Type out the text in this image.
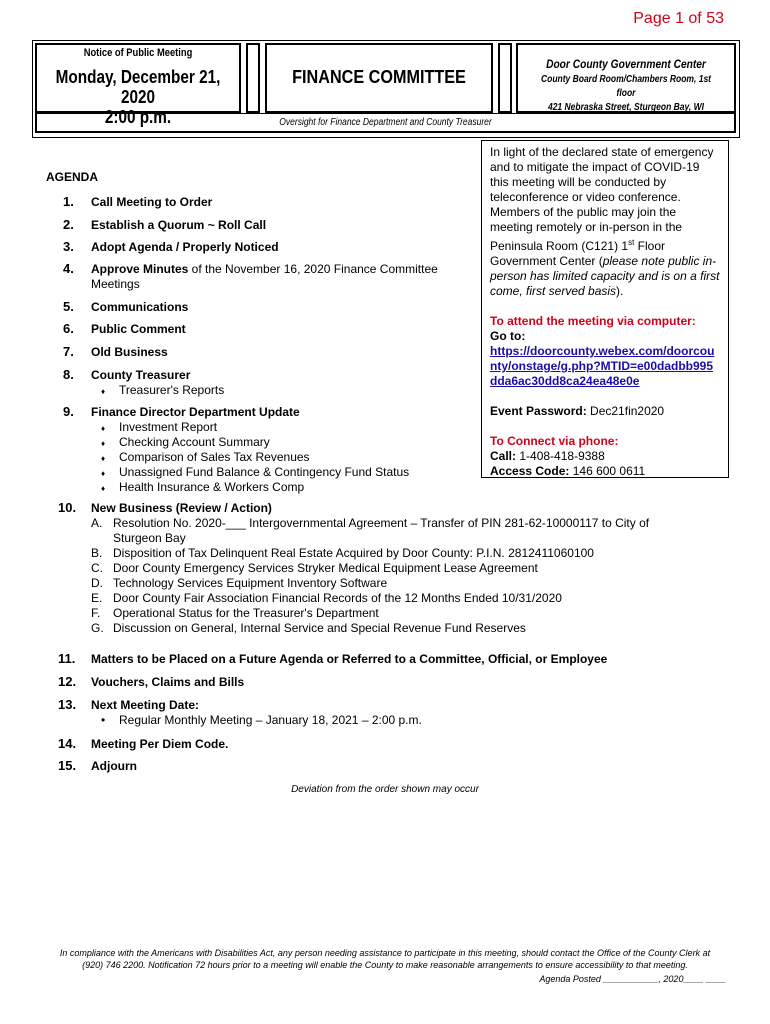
Page 1 of 53
Notice of Public Meeting
Monday, December 21, 2020
2:00 p.m.
FINANCE COMMITTEE
Door County Government Center
County Board Room/Chambers Room, 1st floor
421 Nebraska Street, Sturgeon Bay, WI
Oversight for Finance Department and County Treasurer
In light of the declared state of emergency and to mitigate the impact of COVID-19 this meeting will be conducted by teleconference or video conference. Members of the public may join the meeting remotely or in-person in the Peninsula Room (C121) 1st Floor Government Center (please note public in-person has limited capacity and is on a first come, first served basis).
To attend the meeting via computer:
Go to:
https://doorcounty.webex.com/doorcounty/onstage/g.php?MTID=e00dadbb995dda6ac30dd8ca24ea48e0e
Event Password: Dec21fin2020
To Connect via phone:
Call: 1-408-418-9388
Access Code: 146 600 0611
AGENDA
1. Call Meeting to Order
2. Establish a Quorum ~ Roll Call
3. Adopt Agenda / Properly Noticed
4. Approve Minutes of the November 16, 2020 Finance Committee
Meetings
5. Communications
6. Public Comment
7. Old Business
8. County Treasurer
♦ Treasurer's Reports
9. Finance Director Department Update
♦ Investment Report
♦ Checking Account Summary
♦ Comparison of Sales Tax Revenues
♦ Unassigned Fund Balance & Contingency Fund Status
♦ Health Insurance & Workers Comp
10. New Business (Review / Action)
A. Resolution No. 2020-___ Intergovernmental Agreement – Transfer of PIN 281-62-10000117 to City of
Sturgeon Bay
B. Disposition of Tax Delinquent Real Estate Acquired by Door County: P.I.N. 2812411060100
C. Door County Emergency Services Stryker Medical Equipment Lease Agreement
D. Technology Services Equipment Inventory Software
E. Door County Fair Association Financial Records of the 12 Months Ended 10/31/2020
F. Operational Status for the Treasurer's Department
G. Discussion on General, Internal Service and Special Revenue Fund Reserves
11. Matters to be Placed on a Future Agenda or Referred to a Committee, Official, or Employee
12. Vouchers, Claims and Bills
13. Next Meeting Date:
• Regular Monthly Meeting – January 18, 2021 – 2:00 p.m.
14. Meeting Per Diem Code.
15. Adjourn
Deviation from the order shown may occur
In compliance with the Americans with Disabilities Act, any person needing assistance to participate in this meeting, should contact the Office of the County Clerk at
(920) 746 2200. Notification 72 hours prior to a meeting will enable the County to make reasonable arrangements to ensure accessibility to that meeting.
Agenda Posted ___________, 2020____ ____
